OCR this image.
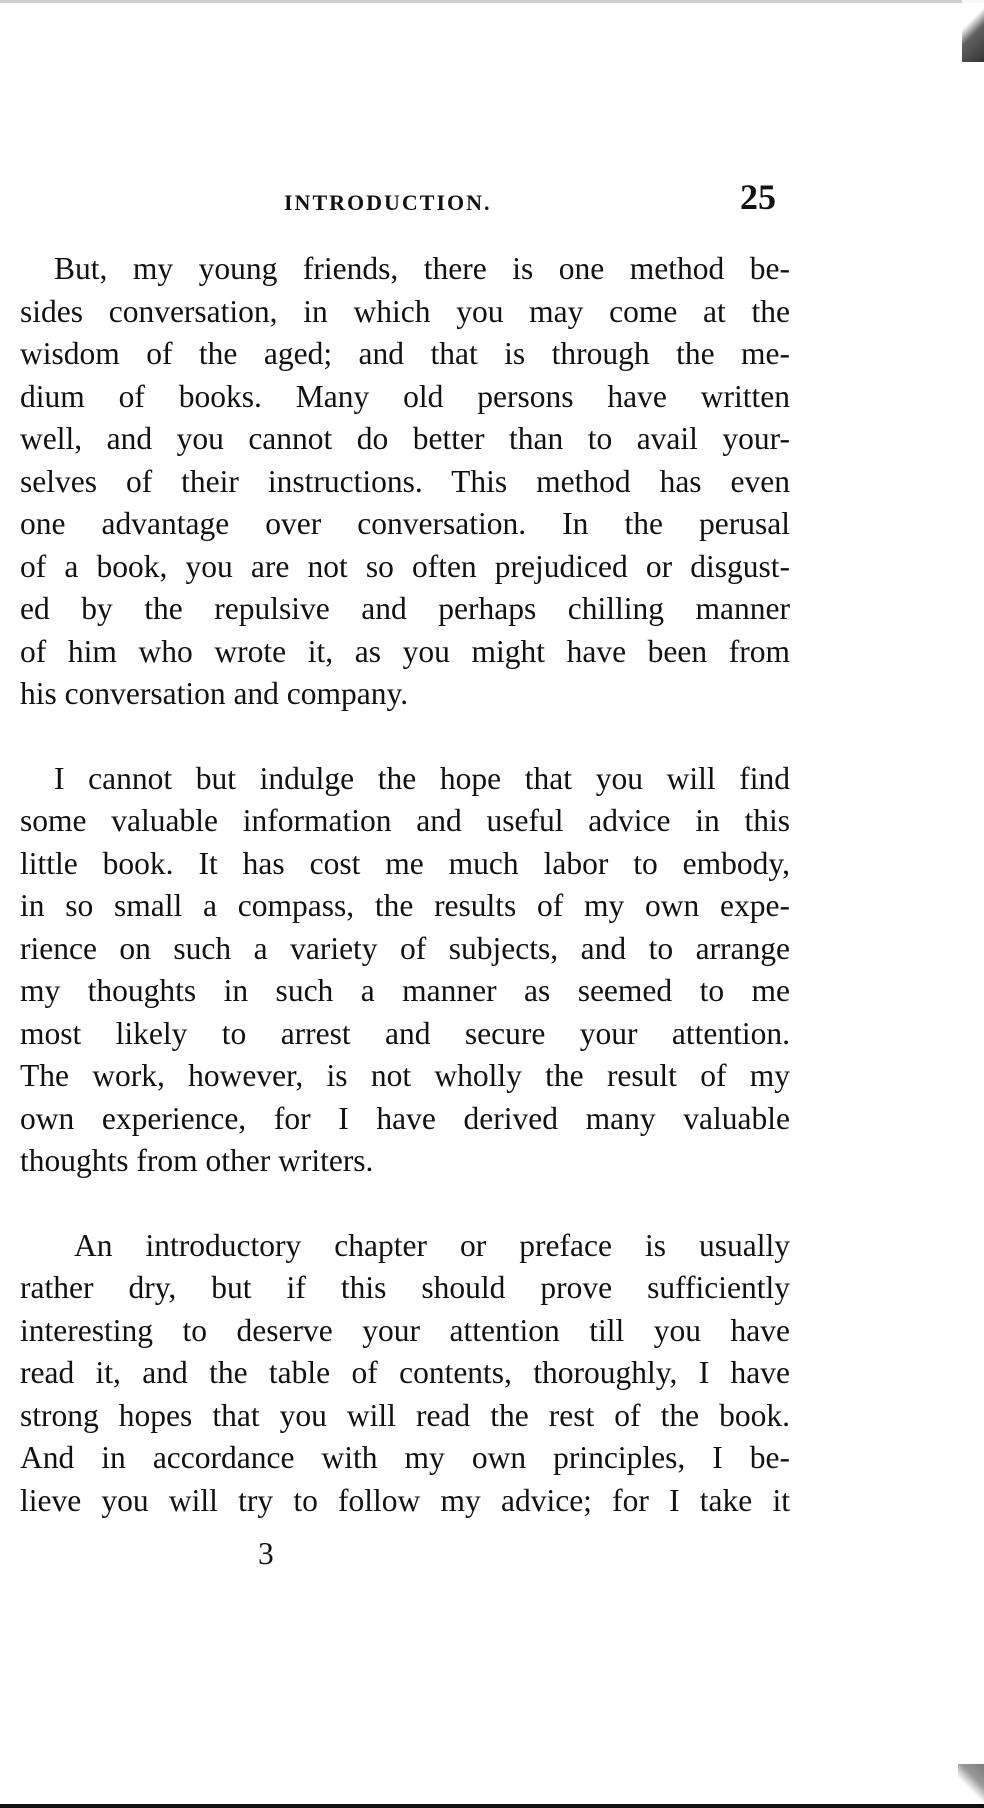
INTRODUCTION.	25
But, my young friends, there is one method be-
sides conversation, in which you may come at the
wisdom of the aged; and that is through the me-
dium of books. Many old persons have written
well, and you cannot do better than to avail your-
selves of their instructions. This method has even
one advantage over conversation. In the perusal
of a book, you are not so often prejudiced or disgust-
ed by the repulsive and perhaps chilling manner
of him who wrote it, as you might have been from
his conversation and company.
I cannot but indulge the hope that you will find
some valuable information and useful advice in this
little book. It has cost me much labor to embody,
in so small a compass, the results of my own expe-
rience on such a variety of subjects, and to arrange
my thoughts in such a manner as seemed to me
most likely to arrest and secure your attention.
The work, however, is not wholly the result of my
own experience, for I have derived many valuable
thoughts from other writers.
An introductory chapter or preface is usually
rather dry, but if this should prove sufficiently
interesting to deserve your attention till you have
read it, and the table of contents, thoroughly, I have
strong hopes that you will read the rest of the book.
And in accordance with my own principles, I be-
lieve you will try to follow my advice; for I take it
3
